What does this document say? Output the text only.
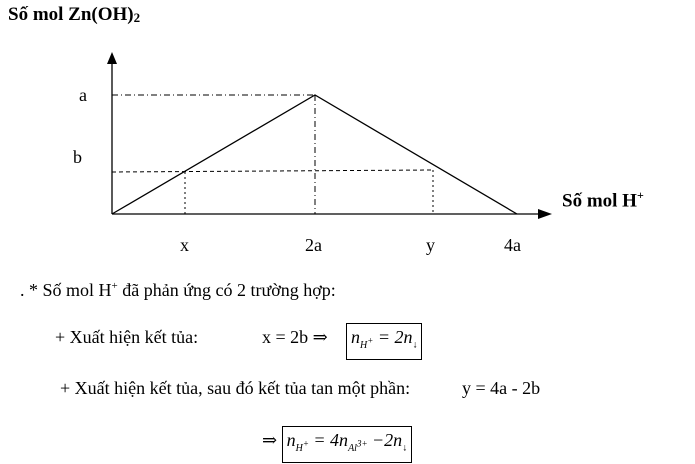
Số mol $Zn(OH)_2$
a
b
x	2a	y	4a
Số mol H+
. * Số mol H+ đã phản ứng có 2 trường hợp:
+ Xuất hiện kết tủa:	x = 2b ⇒ $n_{H^+} = 2n_↓$
+ Xuất hiện kết tủa, sau đó kết tủa tan một phần:	y = 4a - 2b
⇒ $n_{H^+} = 4n_{Al^{3+}} -2n_↓$
